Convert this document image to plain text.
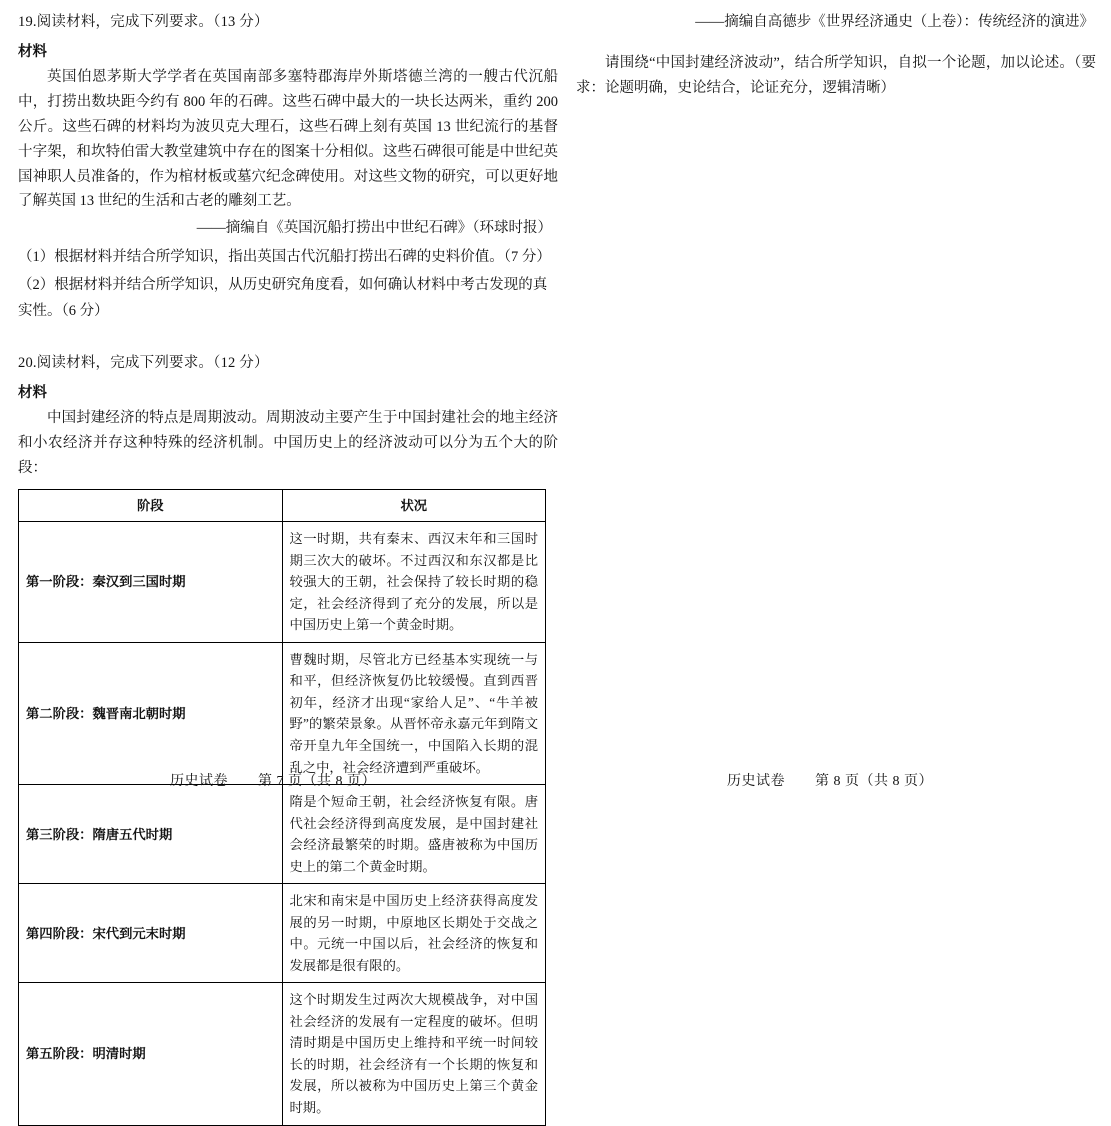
19.阅读材料，完成下列要求。（13 分）

材料

英国伯恩茅斯大学学者在英国南部多塞特郡海岸外斯塔德兰湾的一艘古代沉船中，打捞出数块距今约有 800 年的石碑。这些石碑中最大的一块长达两米，重约 200 公斤。这些石碑的材料均为波贝克大理石，这些石碑上刻有英国 13 世纪流行的基督十字架，和坎特伯雷大教堂建筑中存在的图案十分相似。这些石碑很可能是中世纪英国神职人员准备的，作为棺材板或墓穴纪念碑使用。对这些文物的研究，可以更好地了解英国 13 世纪的生活和古老的雕刻工艺。

——摘编自《英国沉船打捞出中世纪石碑》（环球时报）

（1）根据材料并结合所学知识，指出英国古代沉船打捞出石碑的史料价值。（7 分）

（2）根据材料并结合所学知识，从历史研究角度看，如何确认材料中考古发现的真实性。（6 分）

20.阅读材料，完成下列要求。（12 分）

材料

中国封建经济的特点是周期波动。周期波动主要产生于中国封建社会的地主经济和小农经济并存这种特殊的经济机制。中国历史上的经济波动可以分为五个大的阶段：

阶段	状况
第一阶段：秦汉到三国时期	这一时期，共有秦末、西汉末年和三国时期三次大的破坏。不过西汉和东汉都是比较强大的王朝，社会保持了较长时期的稳定，社会经济得到了充分的发展，所以是中国历史上第一个黄金时期。
第二阶段：魏晋南北朝时期	曹魏时期，尽管北方已经基本实现统一与和平，但经济恢复仍比较缓慢。直到西晋初年，经济才出现“家给人足”、“牛羊被野”的繁荣景象。从晋怀帝永嘉元年到隋文帝开皇九年全国统一，中国陷入长期的混乱之中，社会经济遭到严重破坏。
第三阶段：隋唐五代时期	隋是个短命王朝，社会经济恢复有限。唐代社会经济得到高度发展，是中国封建社会经济最繁荣的时期。盛唐被称为中国历史上的第二个黄金时期。
第四阶段：宋代到元末时期	北宋和南宋是中国历史上经济获得高度发展的另一时期，中原地区长期处于交战之中。元统一中国以后，社会经济的恢复和发展都是很有限的。
第五阶段：明清时期	这个时期发生过两次大规模战争，对中国社会经济的发展有一定程度的破坏。但明清时期是中国历史上维持和平统一时间较长的时期，社会经济有一个长期的恢复和发展，所以被称为中国历史上第三个黄金时期。

——摘编自高德步《世界经济通史（上卷）：传统经济的演进》

请围绕“中国封建经济波动”，结合所学知识，自拟一个论题，加以论述。（要求：论题明确，史论结合，论证充分，逻辑清晰）

历史试卷 第 7 页（共 8 页）	历史试卷 第 8 页（共 8 页）
